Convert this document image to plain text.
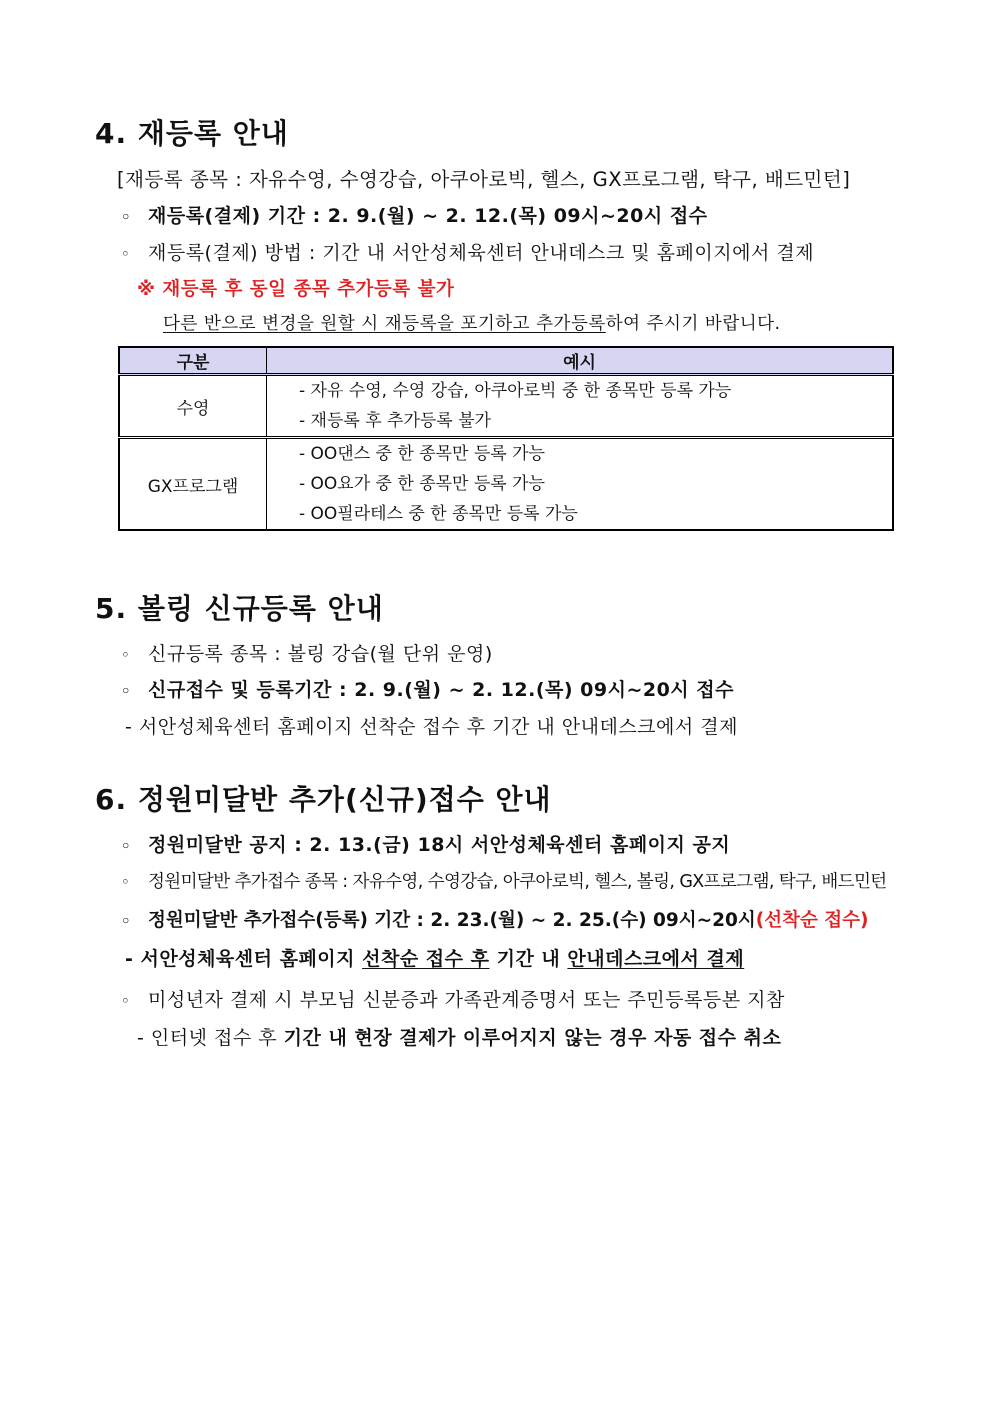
4. 재등록 안내
[재등록 종목 : 자유수영, 수영강습, 아쿠아로빅, 헬스, GX프로그램, 탁구, 배드민턴]
◦ 재등록(결제) 기간 : 2. 9.(월) ~ 2. 12.(목) 09시~20시 접수
◦ 재등록(결제) 방법 : 기간 내 서안성체육센터 안내데스크 및 홈페이지에서 결제
※ 재등록 후 동일 종목 추가등록 불가
다른 반으로 변경을 원할 시 재등록을 포기하고 추가등록하여 주시기 바랍니다.
구분	예시
수영	- 자유 수영, 수영 강습, 아쿠아로빅 중 한 종목만 등록 가능
- 재등록 후 추가등록 불가

GX프로그램	- OO댄스 중 한 종목만 등록 가능
- OO요가 중 한 종목만 등록 가능
- OO필라테스 중 한 종목만 등록 가능
5. 볼링 신규등록 안내
◦ 신규등록 종목 : 볼링 강습(월 단위 운영)
◦ 신규접수 및 등록기간 : 2. 9.(월) ~ 2. 12.(목) 09시~20시 접수
- 서안성체육센터 홈페이지 선착순 접수 후 기간 내 안내데스크에서 결제
6. 정원미달반 추가(신규)접수 안내
◦ 정원미달반 공지 : 2. 13.(금) 18시 서안성체육센터 홈페이지 공지
◦ 정원미달반 추가접수 종목 : 자유수영, 수영강습, 아쿠아로빅, 헬스, 볼링, GX프로그램, 탁구, 배드민턴
◦ 정원미달반 추가접수(등록) 기간 : 2. 23.(월) ~ 2. 25.(수) 09시~20시(선착순 접수)
- 서안성체육센터 홈페이지 선착순 접수 후 기간 내 안내데스크에서 결제
◦ 미성년자 결제 시 부모님 신분증과 가족관계증명서 또는 주민등록등본 지참
- 인터넷 접수 후 기간 내 현장 결제가 이루어지지 않는 경우 자동 접수 취소
